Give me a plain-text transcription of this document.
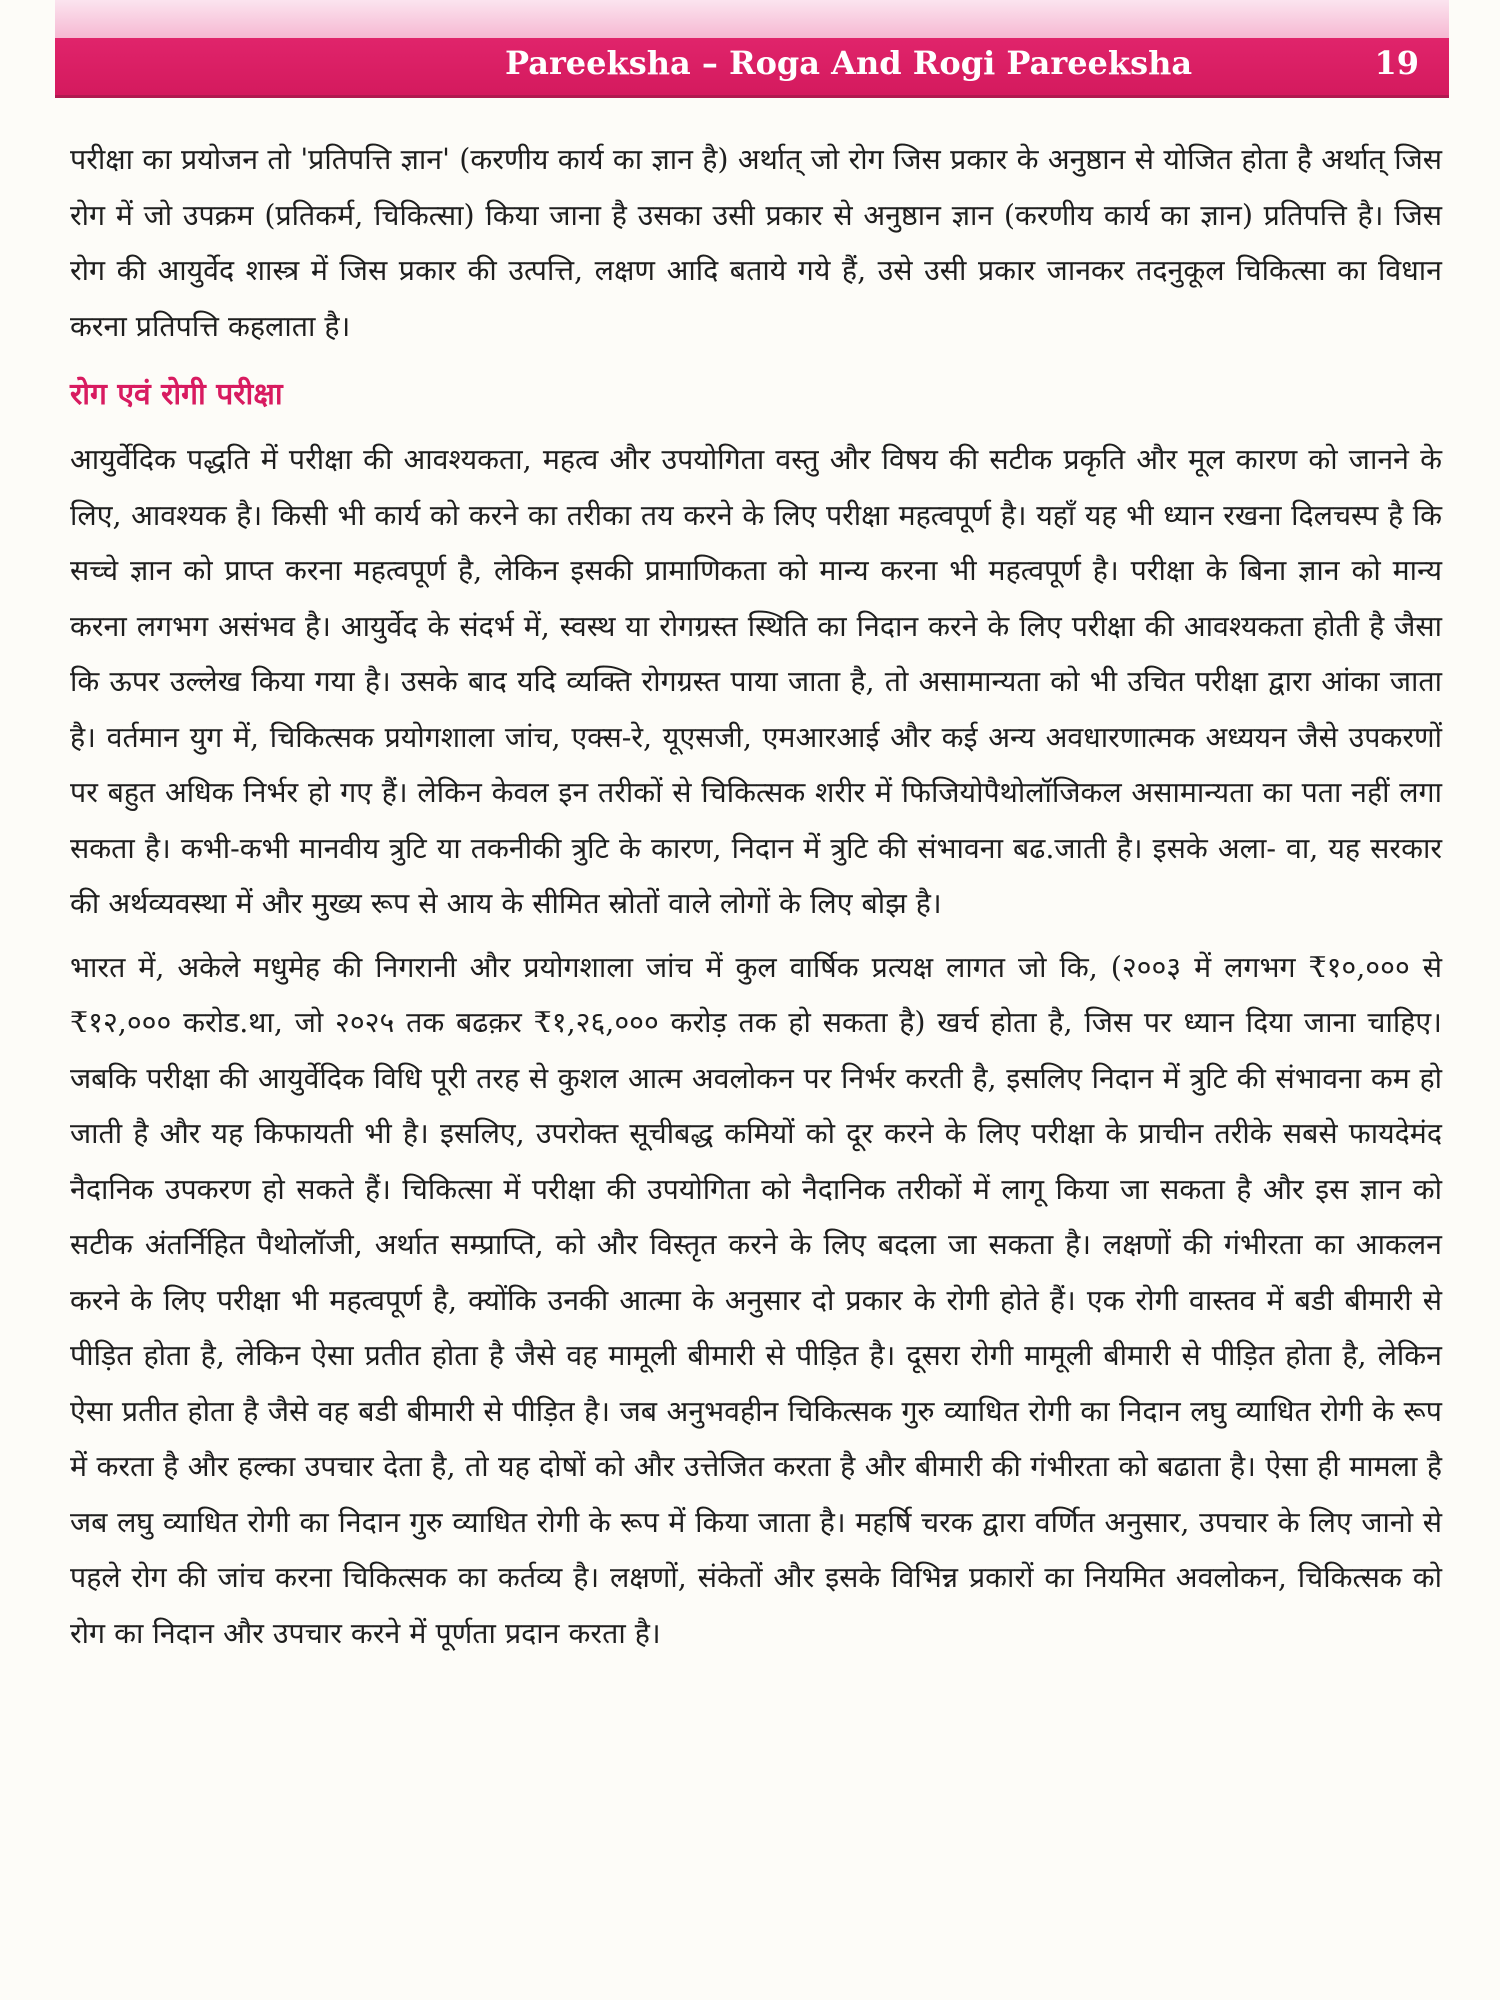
Pareeksha – Roga And Rogi Pareeksha	19

परीक्षा का प्रयोजन तो 'प्रतिपत्ति ज्ञान' (करणीय कार्य का ज्ञान है) अर्थात् जो रोग जिस प्रकार के अनुष्ठान से योजित होता है अर्थात् जिस रोग में जो उपक्रम (प्रतिकर्म, चिकित्सा) किया जाना है उसका उसी प्रकार से अनुष्ठान ज्ञान (करणीय कार्य का ज्ञान) प्रतिपत्ति है। जिस रोग की आयुर्वेद शास्त्र में जिस प्रकार की उत्पत्ति, लक्षण आदि बताये गये हैं, उसे उसी प्रकार जानकर तदनुकूल चिकित्सा का विधान करना प्रतिपत्ति कहलाता है।

रोग एवं रोगी परीक्षा

आयुर्वेदिक पद्धति में परीक्षा की आवश्यकता, महत्व और उपयोगिता वस्तु और विषय की सटीक प्रकृति और मूल कारण को जानने के लिए, आवश्यक है। किसी भी कार्य को करने का तरीका तय करने के लिए परीक्षा महत्वपूर्ण है। यहाँ यह भी ध्यान रखना दिलचस्प है कि सच्चे ज्ञान को प्राप्त करना महत्वपूर्ण है, लेकिन इसकी प्रामाणिकता को मान्य करना भी महत्वपूर्ण है। परीक्षा के बिना ज्ञान को मान्य करना लगभग असंभव है। आयुर्वेद के संदर्भ में, स्वस्थ या रोगग्रस्त स्थिति का निदान करने के लिए परीक्षा की आवश्यकता होती है जैसा कि ऊपर उल्लेख किया गया है। उसके बाद यदि व्यक्ति रोगग्रस्त पाया जाता है, तो असामान्यता को भी उचित परीक्षा द्वारा आंका जाता है। वर्तमान युग में, चिकित्सक प्रयोगशाला जांच, एक्स-रे, यूएसजी, एमआरआई और कई अन्य अवधारणात्मक अध्ययन जैसे उपकरणों पर बहुत अधिक निर्भर हो गए हैं। लेकिन केवल इन तरीकों से चिकित्सक शरीर में फिजियोपैथोलॉजिकल असामान्यता का पता नहीं लगा सकता है। कभी-कभी मानवीय त्रुटि या तकनीकी त्रुटि के कारण, निदान में त्रुटि की संभावना बढ.जाती है। इसके अला- वा, यह सरकार की अर्थव्यवस्था में और मुख्य रूप से आय के सीमित स्रोतों वाले लोगों के लिए बोझ है।

भारत में, अकेले मधुमेह की निगरानी और प्रयोगशाला जांच में कुल वार्षिक प्रत्यक्ष लागत जो कि, (२००३ में लगभग ₹१०,००० से ₹१२,००० करोड.था, जो २०२५ तक बढक़र ₹१,२६,००० करोड़ तक हो सकता है) खर्च होता है, जिस पर ध्यान दिया जाना चाहिए। जबकि परीक्षा की आयुर्वेदिक विधि पूरी तरह से कुशल आत्म अवलोकन पर निर्भर करती है, इसलिए निदान में त्रुटि की संभावना कम हो जाती है और यह किफायती भी है। इसलिए, उपरोक्त सूचीबद्ध कमियों को दूर करने के लिए परीक्षा के प्राचीन तरीके सबसे फायदेमंद नैदानिक उपकरण हो सकते हैं। चिकित्सा में परीक्षा की उपयोगिता को नैदानिक तरीकों में लागू किया जा सकता है और इस ज्ञान को सटीक अंतर्निहित पैथोलॉजी, अर्थात सम्प्राप्ति, को और विस्तृत करने के लिए बदला जा सकता है। लक्षणों की गंभीरता का आकलन करने के लिए परीक्षा भी महत्वपूर्ण है, क्योंकि उनकी आत्मा के अनुसार दो प्रकार के रोगी होते हैं। एक रोगी वास्तव में बडी बीमारी से पीड़ित होता है, लेकिन ऐसा प्रतीत होता है जैसे वह मामूली बीमारी से पीड़ित है। दूसरा रोगी मामूली बीमारी से पीड़ित होता है, लेकिन ऐसा प्रतीत होता है जैसे वह बडी बीमारी से पीड़ित है। जब अनुभवहीन चिकित्सक गुरु व्याधित रोगी का निदान लघु व्याधित रोगी के रूप में करता है और हल्का उपचार देता है, तो यह दोषों को और उत्तेजित करता है और बीमारी की गंभीरता को बढाता है। ऐसा ही मामला है जब लघु व्याधित रोगी का निदान गुरु व्याधित रोगी के रूप में किया जाता है। महर्षि चरक द्वारा वर्णित अनुसार, उपचार के लिए जानो से पहले रोग की जांच करना चिकित्सक का कर्तव्य है। लक्षणों, संकेतों और इसके विभिन्न प्रकारों का नियमित अवलोकन, चिकित्सक को रोग का निदान और उपचार करने में पूर्णता प्रदान करता है।
